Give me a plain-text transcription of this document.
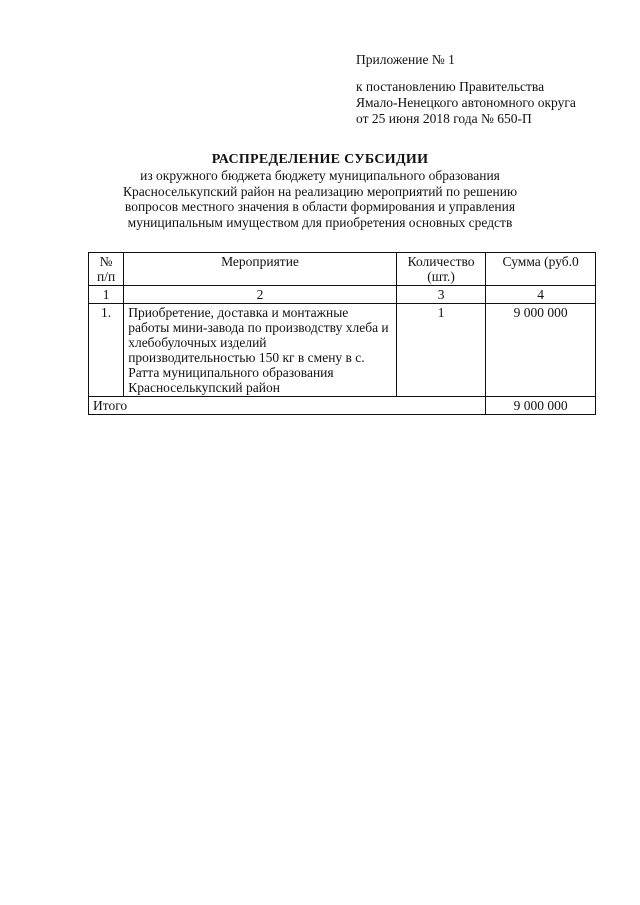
Приложение № 1
к постановлению Правительства
Ямало-Ненецкого автономного округа
от 25 июня 2018 года № 650-П
РАСПРЕДЕЛЕНИЕ СУБСИДИИ
из окружного бюджета бюджету муниципального образования
Красноселькупский район на реализацию мероприятий по решению
вопросов местного значения в области формирования и управления
муниципальным имуществом для приобретения основных средств
№ п/п	Мероприятие	Количество (шт.)	Сумма (руб.0
1	2	3	4
1.	Приобретение, доставка и монтажные работы мини-завода по производству хлеба и хлебобулочных изделий производительностью 150 кг в смену в с. Ратта муниципального образования Красноселькупский район	1	9 000 000
Итого			9 000 000
